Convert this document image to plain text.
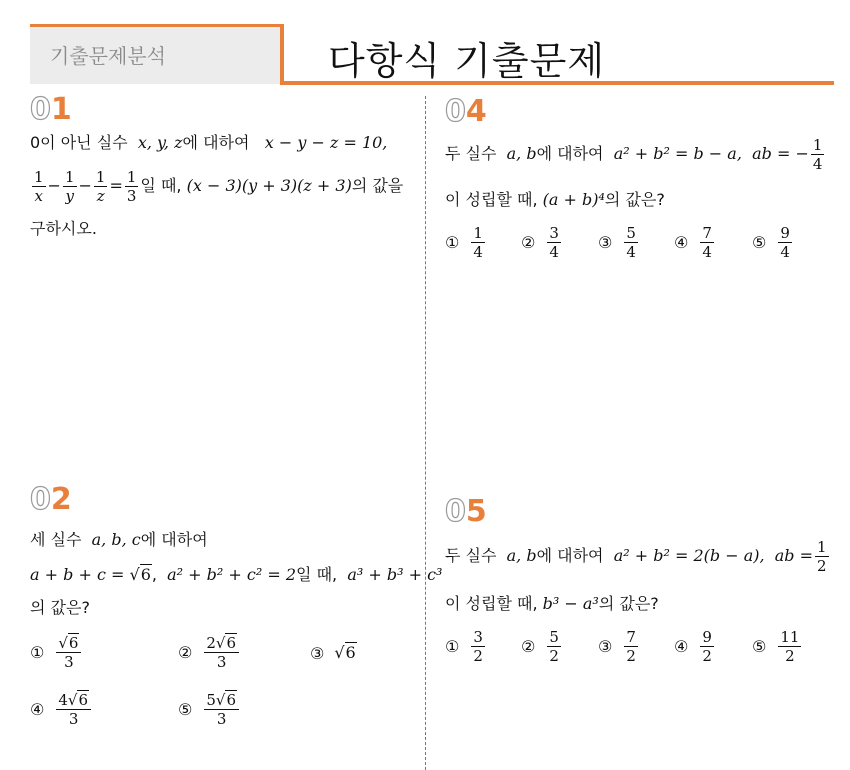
기출문제분석	다항식 기출문제
01
0이 아닌 실수 x, y, z에 대하여 x − y − z = 10,
$\frac{1}{x} - \frac{1}{y} - \frac{1}{z} = \frac{1}{3}$ 일 때, (x − 3)(y + 3)(z + 3)의 값을
구하시오.
02
세 실수 a, b, c에 대하여
a + b + c = √6, a² + b² + c² = 2일 때, a³ + b³ + c³
의 값은?
① $\frac{√6}{3}$	② $\frac{2√6}{3}$	③ √6
④ $\frac{4√6}{3}$	⑤ $\frac{5√6}{3}$
04
두 실수 a, b에 대하여 a² + b² = b − a, ab = − $\frac{1}{4}$
이 성립할 때, (a + b)⁴의 값은?
① $\frac{1}{4}$ ② $\frac{3}{4}$ ③ $\frac{5}{4}$ ④ $\frac{7}{4}$ ⑤ $\frac{9}{4}$
05
두 실수 a, b에 대하여 a² + b² = 2(b − a), ab = $\frac{1}{2}$
이 성립할 때, b³ − a³의 값은?
① $\frac{3}{2}$ ② $\frac{5}{2}$ ③ $\frac{7}{2}$ ④ $\frac{9}{2}$ ⑤ $\frac{11}{2}$
